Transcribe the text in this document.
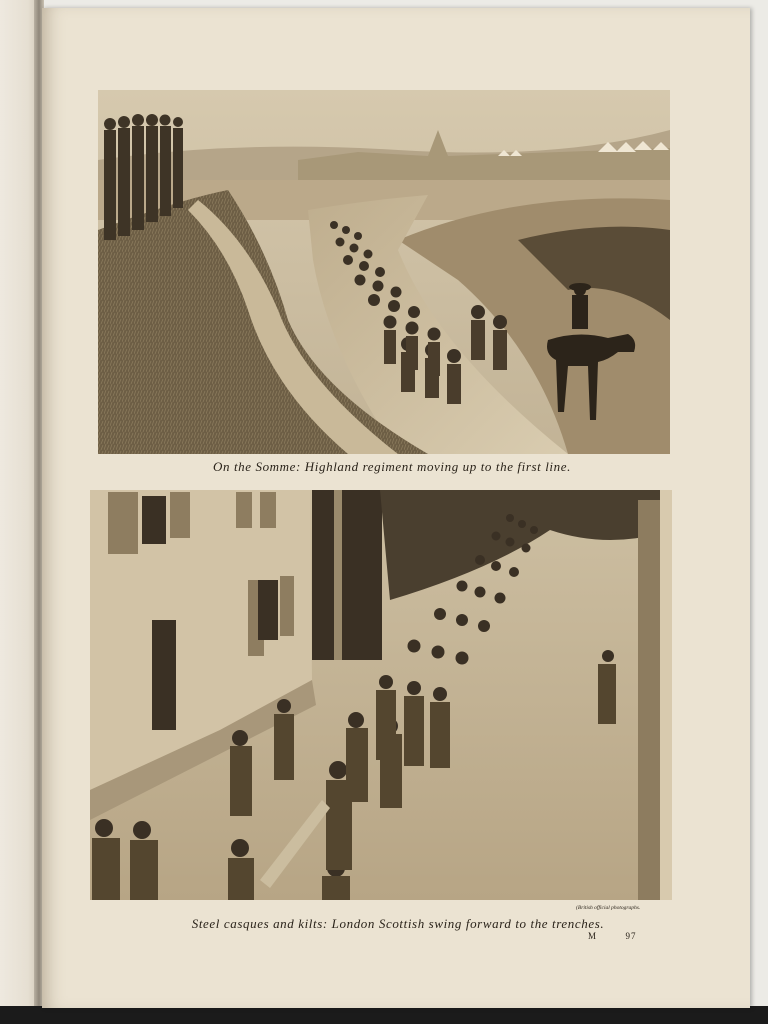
On the Somme: Highland regiment moving up to the first line.
(British official photographs.
Steel casques and kilts: London Scottish swing forward to the trenches.
M	97
